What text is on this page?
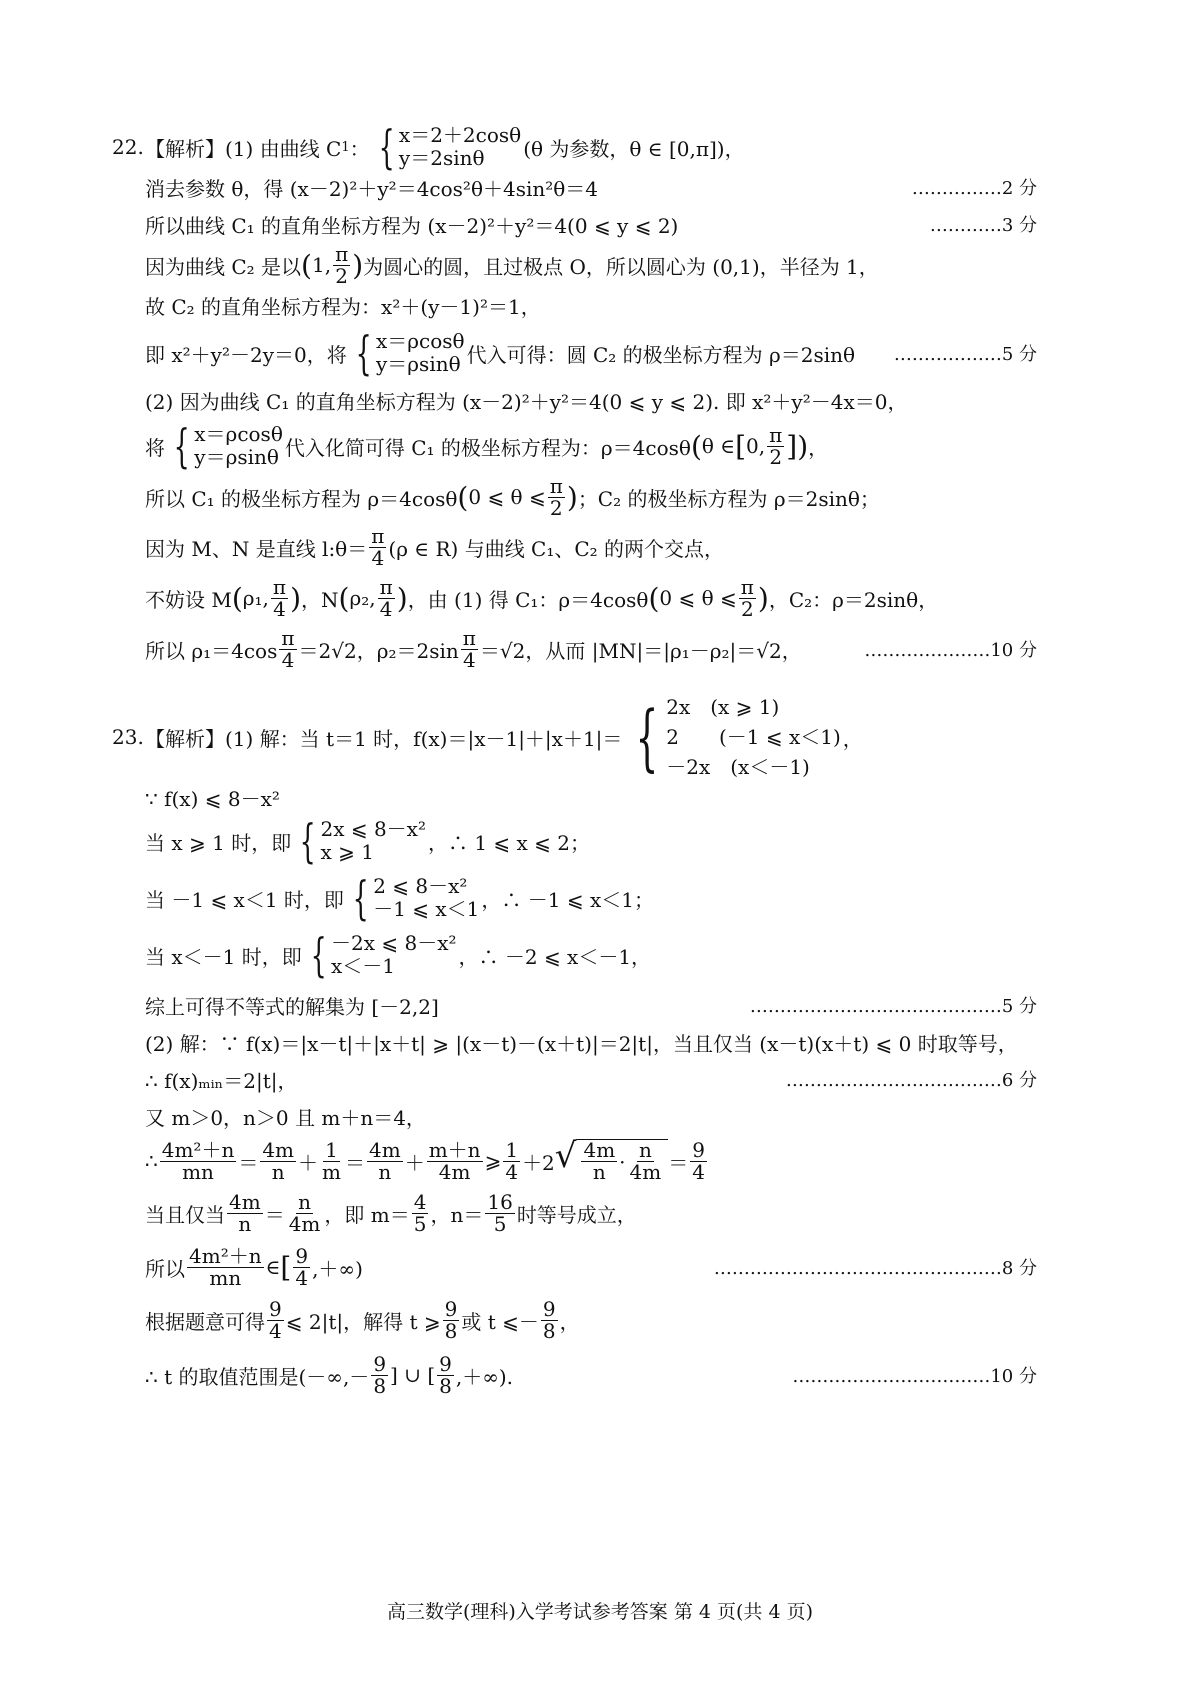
22. 【解析】 (1) 由曲线 C 1 ： { x＝2＋2cosθ
y＝2sinθ	(θ 为参数，θ ∈ [0,π])，
消去参数 θ，得 (x－2)²＋y²＝4cos²θ＋4sin²θ＝4	……………2 分
所以曲线 C₁ 的直角坐标方程为 (x－2)²＋y²＝4(0 ⩽ y ⩽ 2)	…………3 分
因为曲线 C₂ 是以 ( 1, $\frac{\pi}{2}$ ) 为圆心的圆，且过极点 O，所以圆心为 (0,1)，半径为 1，
故 C₂ 的直角坐标方程为：x²＋(y－1)²＝1，
即 x²＋y²－2y＝0，将 { x＝ρcosθ
y＝ρsinθ 代入可得：圆 C₂ 的极坐标方程为 ρ＝2sinθ ………………5 分
(2) 因为曲线 C₁ 的直角坐标方程为 (x－2)²＋y²＝4(0 ⩽ y ⩽ 2). 即 x²＋y²－4x＝0，
将 { x＝ρcosθ
y＝ρsinθ 代入化简可得 C₁ 的极坐标方程为：ρ＝4cosθ ( θ ∈ [ 0, $\frac{\pi}{2}$ ] ) ，
所以 C₁ 的极坐标方程为 ρ＝4cosθ ( 0 ⩽ θ ⩽ $\frac{\pi}{2}$ ) ；C₂ 的极坐标方程为 ρ＝2sinθ；
因为 M、N 是直线 l:θ＝ $\frac{\pi}{4} (\rho$ ∈ R) 与曲线 C₁、C₂ 的两个交点，
不妨设 M ( ρ₁, $\frac{\pi}{4}$ ) ，N ( ρ₂, $\frac{\pi}{4}$ ) ，由 (1) 得 C₁：ρ＝4cosθ ( 0 ⩽ θ ⩽ $\frac{\pi}{2}$ ) ，C₂：ρ＝2sinθ，
所以 $\rho_1=4\cos \frac{\pi}{4} =2√2$，$\rho_2=2\sin \frac{\pi}{4} =√2$，从而 |MN|＝|ρ₁－ρ₂|＝√2，	…………………10 分
23. 【解析】 (1) 解：当 t＝1 时，f(x)＝|x－1|＋|x＋1|＝ { 2x　(x ⩾ 1)
2　　(－1 ⩽ x＜1)
－2x　(x＜－1)
，
∵ f(x) ⩽ 8－x²
当 x ⩾ 1 时，即 { 2x ⩽ 8－x²
x ⩾ 1	，∴ 1 ⩽ x ⩽ 2；
当 －1 ⩽ x＜1 时，即 { 2 ⩽ 8－x²
－1 ⩽ x＜1 ，∴ －1 ⩽ x＜1；
当 x＜－1 时，即 { －2x ⩽ 8－x²
x＜－1	，∴ －2 ⩽ x＜－1，
综上可得不等式的解集为 [－2,2]	……………………………………5 分
(2) 解：∵ f(x)＝|x－t|＋|x＋t| ⩾ |(x－t)－(x＋t)|＝2|t|，当且仅当 (x－t)(x＋t) ⩽ 0 时取等号，
∴ f(x)ₘᵢₙ＝2|t|，	………………………………6 分
又 m＞0，n＞0 且 m＋n＝4，
∴ $\frac{\text{4m²＋n}}{mn} = \frac{4m}{n} + \frac{1}{m} = \frac{4m}{n} + \frac{m+n}{4m}$ ⩾ $\frac{1}{4} +2$ √ $\frac{4m}{n} \cdot \frac{n}{4m} = \frac{9}{4}$
当且仅当 $\frac{4m}{n} = \frac{n}{4m}$ ，即 $m= \frac{4}{5}$ ，$n= \frac{16}{5}$ 时等号成立，
所以 $\frac{\text{4m²＋n}}{mn}$ ∈ [ $\frac{9}{4}$ ,＋∞)	…………………………………………8 分
根据题意可得 $\frac{9}{4}$ ⩽ 2|t|，解得 t ⩾ $\frac{9}{8}$ 或 t ⩽－ $\frac{9}{8}$ ，
∴ t 的取值范围是 (－∞,－ $\frac{9}{8}$ ] ∪ [ $\frac{9}{8}$ ,＋∞).	……………………………10 分
高三数学(理科)入学考试参考答案 第 4 页(共 4 页)
